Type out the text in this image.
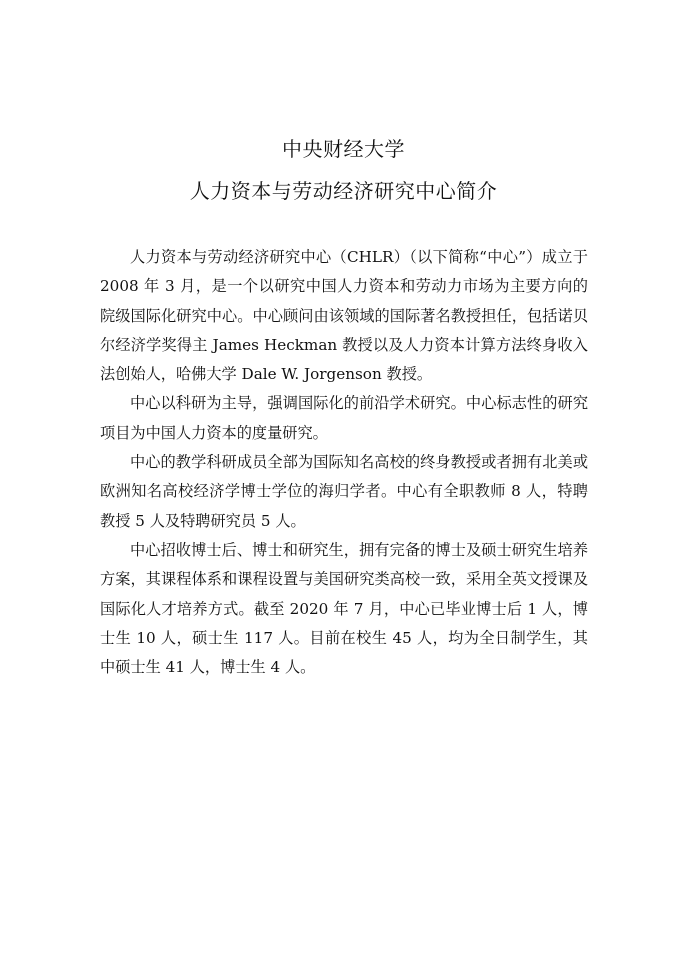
中央财经大学
人力资本与劳动经济研究中心简介

人力资本与劳动经济研究中心（CHLR）（以下简称“中心”）成立于 2008 年 3 月，是一个以研究中国人力资本和劳动力市场为主要方向的院级国际化研究中心。中心顾问由该领域的国际著名教授担任，包括诺贝尔经济学奖得主 James Heckman 教授以及人力资本计算方法终身收入法创始人，哈佛大学 Dale W. Jorgenson 教授。

中心以科研为主导，强调国际化的前沿学术研究。中心标志性的研究项目为中国人力资本的度量研究。

中心的教学科研成员全部为国际知名高校的终身教授或者拥有北美或欧洲知名高校经济学博士学位的海归学者。中心有全职教师 8 人，特聘教授 5 人及特聘研究员 5 人。

中心招收博士后、博士和研究生，拥有完备的博士及硕士研究生培养方案，其课程体系和课程设置与美国研究类高校一致，采用全英文授课及国际化人才培养方式。截至 2020 年 7 月，中心已毕业博士后 1 人，博士生 10 人，硕士生 117 人。目前在校生 45 人，均为全日制学生，其中硕士生 41 人，博士生 4 人。
